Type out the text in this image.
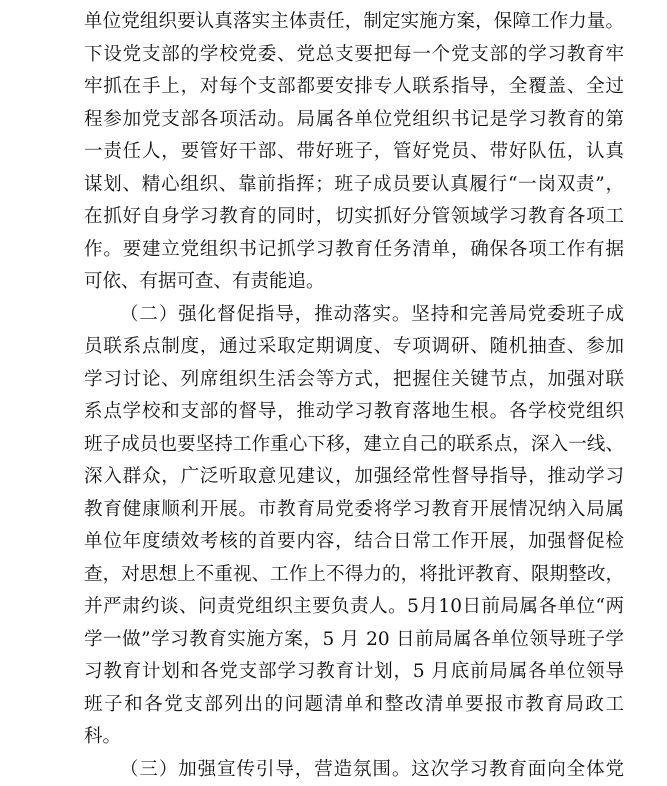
单位党组织要认真落实主体责任，制定实施方案，保障工作力量。
下设党支部的学校党委、党总支要把每一个党支部的学习教育牢
牢抓在手上，对每个支部都要安排专人联系指导，全覆盖、全过
程参加党支部各项活动。局属各单位党组织书记是学习教育的第
一责任人，要管好干部、带好班子，管好党员、带好队伍，认真
谋划、精心组织、靠前指挥；班子成员要认真履行“一岗双责”，
在抓好自身学习教育的同时，切实抓好分管领域学习教育各项工
作。要建立党组织书记抓学习教育任务清单，确保各项工作有据
可依、有据可查、有责能追。
（二）强化督促指导，推动落实。坚持和完善局党委班子成
员联系点制度，通过采取定期调度、专项调研、随机抽查、参加
学习讨论、列席组织生活会等方式，把握住关键节点，加强对联
系点学校和支部的督导，推动学习教育落地生根。各学校党组织
班子成员也要坚持工作重心下移，建立自己的联系点，深入一线、
深入群众，广泛听取意见建议，加强经常性督导指导，推动学习
教育健康顺利开展。市教育局党委将学习教育开展情况纳入局属
单位年度绩效考核的首要内容，结合日常工作开展，加强督促检
查，对思想上不重视、工作上不得力的，将批评教育、限期整改，
并严肃约谈、问责党组织主要负责人。5月10日前局属各单位“两
学一做”学习教育实施方案，5 月 20 日前局属各单位领导班子学
习教育计划和各党支部学习教育计划，5 月底前局属各单位领导
班子和各党支部列出的问题清单和整改清单要报市教育局政工
科。
（三）加强宣传引导，营造氛围。这次学习教育面向全体党
